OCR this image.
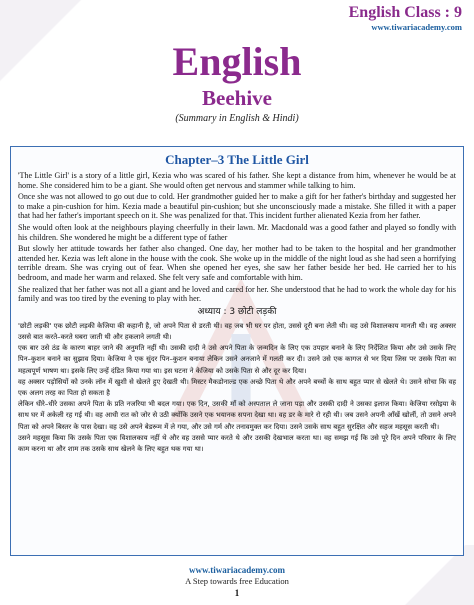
English Class : 9
www.tiwariacademy.com
English
Beehive
(Summary in English & Hindi)
Chapter–3 The Little Girl

'The Little Girl' is a story of a little girl, Kezia who was scared of his father. She kept a distance from him, whenever he would be at home. She considered him to be a giant. She would often get nervous and stammer while talking to him.

Once she was not allowed to go out due to cold. Her grandmother guided her to make a gift for her father's birthday and suggested her to make a pin-cushion for him. Kezia made a beautiful pin-cushion; but she unconsciously made a mistake. She filled it with a paper that had her father's important speech on it. She was penalized for that. This incident further alienated Kezia from her father.

She would often look at the neighbours playing cheerfully in their lawn. Mr. Macdonald was a good father and played so fondly with his children. She wondered he might be a different type of father

But slowly her attitude towards her father also changed. One day, her mother had to be taken to the hospital and her grandmother attended her. Kezia was left alone in the house with the cook. She woke up in the middle of the night loud as she had seen a horrifying terrible dream. She was crying out of fear. When she opened her eyes, she saw her father beside her bed. He carried her to his bedroom, and made her warm and relaxed. She felt very safe and comfortable with him.

She realized that her father was not all a giant and he loved and cared for her. She understood that he had to work the whole day for his family and was too tired by the evening to play with her.

अध्याय : 3 छोटी लड़की

'छोटी लड़की' एक छोटी लड़की केजिया की कहानी है, जो अपने पिता से डरती थी। वह जब भी घर पर होता, उससे दूरी बना लेती थी। वह उसे विशालकाय मानती थी। वह अक्सर उससे बात करते–करते घबरा जाती थी और हकलाने लगती थी।

एक बार उसे ठंड के कारण बाहर जाने की अनुमति नहीं थी। उसकी दादी ने उसे अपने पिता के जन्मदिन के लिए एक उपहार बनाने के लिए निर्देशित किया और उसे उसके लिए पिन–कुशन बनाने का सुझाव दिया। केजिया ने एक सुंदर पिन–कुशन बनाया लेकिन उसने अनजाने में गलती कर दी। उसने उसे एक कागज से भर दिया जिस पर उसके पिता का महत्वपूर्ण भाषण था। इसके लिए उन्हें दंडित किया गया था। इस घटना ने केजिया को उसके पिता से और दूर कर दिया।

वह अक्सर पड़ोसियों को उनके लॉन में खुशी से खेलते हुए देखती थी। मिस्टर मैकडोनाल्ड एक अच्छे पिता थे और अपने बच्चों के साथ बहुत प्यार से खेलते थे। उसने सोचा कि वह एक अलग तरह का पिता हो सकता है

लेकिन धीरे–धीरे उसका अपने पिता के प्रति नजरिया भी बदल गया। एक दिन, उसकी माँ को अस्पताल ले जाना पड़ा और उसकी दादी ने उसका इलाज किया। केजिया रसोइया के साथ घर में अकेली रह गई थी। वह आधी रात को जोर से उठी क्योंकि उसने एक भयानक सपना देखा था। वह डर के मारे रो रही थी। जब उसने अपनी आँखें खोलीं, तो उसने अपने पिता को अपने बिस्तर के पास देखा। वह उसे अपने बेडरूम में ले गया, और उसे गर्म और तनावमुक्त कर दिया। उसने उसके साथ बहुत सुरक्षित और सहज महसूस करती थी।

उसने महसूस किया कि उसके पिता एक विशालकाय नहीं थे और वह उससे प्यार करते थे और उसकी देखभाल करता था। वह समझ गई कि उसे पूरे दिन अपने परिवार के लिए काम करना था और शाम तक उसके साथ खेलने के लिए बहुत थक गया था।

www.tiwariacademy.com
A Step towards free Education
1
